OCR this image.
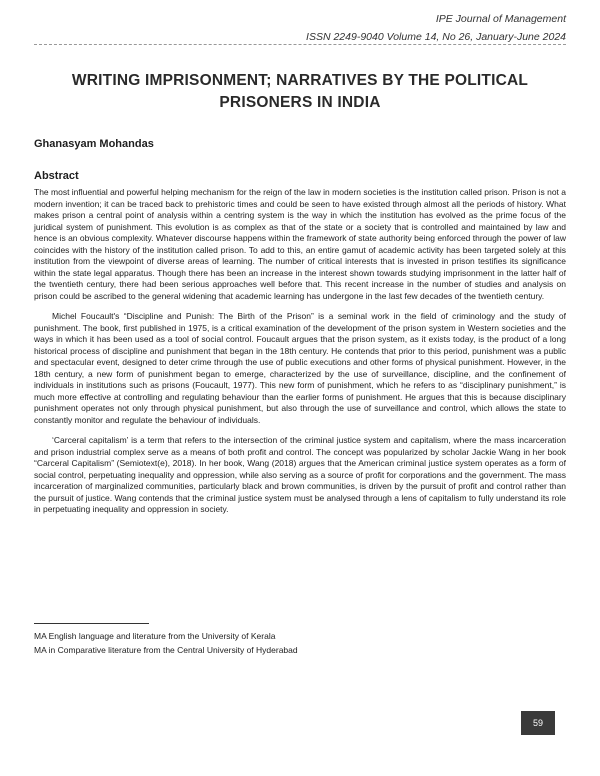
IPE Journal of Management
ISSN 2249-9040 Volume 14, No 26, January-June 2024
WRITING IMPRISONMENT; NARRATIVES BY THE POLITICAL PRISONERS IN INDIA
Ghanasyam Mohandas
Abstract

The most influential and powerful helping mechanism for the reign of the law in modern societies is the institution called prison. Prison is not a modern invention; it can be traced back to prehistoric times and could be seen to have existed through almost all the periods of history. What makes prison a central point of analysis within a centring system is the way in which the institution has evolved as the prime focus of the juridical system of punishment. This evolution is as complex as that of the state or a society that is controlled and maintained by law and hence is an obvious complexity. Whatever discourse happens within the framework of state authority being enforced through the power of law coincides with the history of the institution called prison. To add to this, an entire gamut of academic activity has been targeted solely at this institution from the viewpoint of diverse areas of learning. The number of critical interests that is invested in prison testifies its significance within the state legal apparatus. Though there has been an increase in the interest shown towards studying imprisonment in the latter half of the twentieth century, there had been serious approaches well before that. This recent increase in the number of studies and analysis on prison could be ascribed to the general widening that academic learning has undergone in the last few decades of the twentieth century.

Michel Foucault's “Discipline and Punish: The Birth of the Prison” is a seminal work in the field of criminology and the study of punishment. The book, first published in 1975, is a critical examination of the development of the prison system in Western societies and the ways in which it has been used as a tool of social control. Foucault argues that the prison system, as it exists today, is the product of a long historical process of discipline and punishment that began in the 18th century. He contends that prior to this period, punishment was a public and spectacular event, designed to deter crime through the use of public executions and other forms of physical punishment. However, in the 18th century, a new form of punishment began to emerge, characterized by the use of surveillance, discipline, and the confinement of individuals in institutions such as prisons (Foucault, 1977). This new form of punishment, which he refers to as “disciplinary punishment,” is much more effective at controlling and regulating behaviour than the earlier forms of punishment. He argues that this is because disciplinary punishment operates not only through physical punishment, but also through the use of surveillance and control, which allows the state to constantly monitor and regulate the behaviour of individuals.

‘Carceral capitalism’ is a term that refers to the intersection of the criminal justice system and capitalism, where the mass incarceration and prison industrial complex serve as a means of both profit and control. The concept was popularized by scholar Jackie Wang in her book “Carceral Capitalism” (Semiotext(e), 2018). In her book, Wang (2018) argues that the American criminal justice system operates as a form of social control, perpetuating inequality and oppression, while also serving as a source of profit for corporations and the government. The mass incarceration of marginalized communities, particularly black and brown communities, is driven by the pursuit of profit and control rather than the pursuit of justice. Wang contends that the criminal justice system must be analysed through a lens of capitalism to fully understand its role in perpetuating inequality and oppression in society.

MA English language and literature from the University of Kerala
MA in Comparative literature from the Central University of Hyderabad
59
